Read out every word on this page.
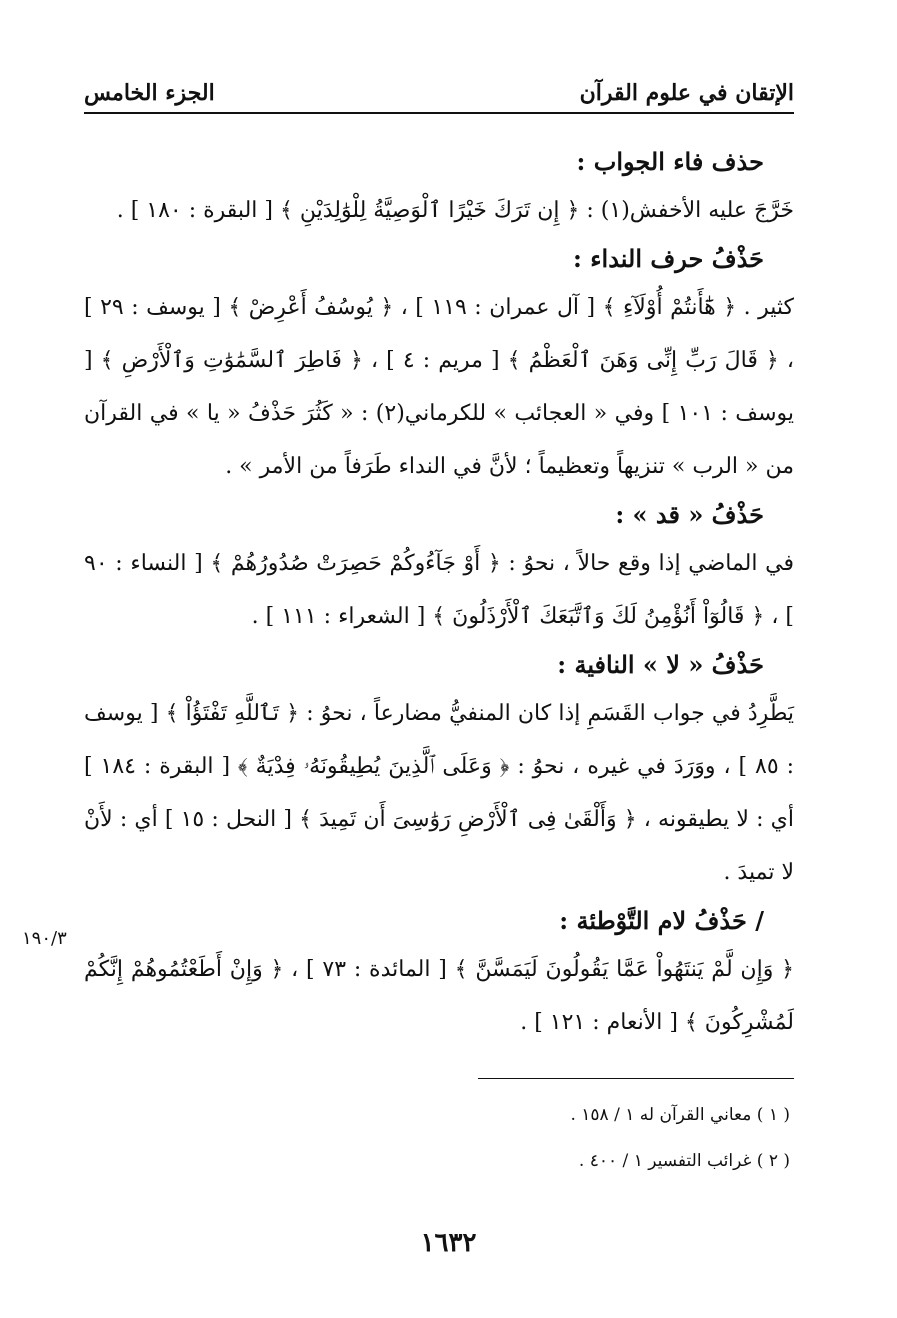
الإتقان في علوم القرآن
الجزء الخامس
حذف فاء الجواب :

خَرَّجَ عليه الأخفش(١) : ﴿ إِن تَرَكَ خَيْرًا ٱلْوَصِيَّةُ لِلْوَٰلِدَيْنِ ﴾ [ البقرة : ١٨٠ ] .

حَذْفُ حرف النداء :

كثير . ﴿ هَٰٓأَنتُمْ أُوْلَآءِ ﴾ [ آل عمران : ١١٩ ] ، ﴿ يُوسُفُ أَعْرِضْ ﴾ [ يوسف : ٢٩ ] ، ﴿ قَالَ رَبِّ إِنِّى وَهَنَ ٱلْعَظْمُ ﴾ [ مريم : ٤ ] ، ﴿ فَاطِرَ ٱلسَّمَٰوَٰتِ وَٱلْأَرْضِ ﴾ [ يوسف : ١٠١ ] وفي « العجائب » للكرماني(٢) : « كَثُرَ حَذْفُ « يا » في القرآن من « الرب » تنزيهاً وتعظيماً ؛ لأنَّ في النداء طَرَفاً من الأمر » .

حَذْفُ « قد » :

في الماضي إذا وقع حالاً ، نحوُ : ﴿ أَوْ جَآءُوكُمْ حَصِرَتْ صُدُورُهُمْ ﴾ [ النساء : ٩٠ ] ، ﴿ قَالُوٓاْ أَنُؤْمِنُ لَكَ وَٱتَّبَعَكَ ٱلْأَرْذَلُونَ ﴾ [ الشعراء : ١١١ ] .

حَذْفُ « لا » النافية :

يَطَّرِدُ في جواب القَسَمِ إذا كان المنفيُّ مضارعاً ، نحوُ : ﴿ تَٱللَّهِ تَفْتَؤُاْ ﴾ [ يوسف : ٨٥ ] ، ووَرَدَ في غيره ، نحوُ : ﴿ وَعَلَى ٱلَّذِينَ يُطِيقُونَهُۥ فِدْيَةٌ ﴾ [ البقرة : ١٨٤ ] أي : لا يطيقونه ، ﴿ وَأَلْقَىٰ فِى ٱلْأَرْضِ رَوَٰسِىَ أَن تَمِيدَ ﴾ [ النحل : ١٥ ] أي : لأَنْ لا تميدَ .

/ حَذْفُ لام التَّوْطئة :

﴿ وَإِن لَّمْ يَنتَهُواْ عَمَّا يَقُولُونَ لَيَمَسَّنَّ ﴾ [ المائدة : ٧٣ ] ، ﴿ وَإِنْ أَطَعْتُمُوهُمْ إِنَّكُمْ لَمُشْرِكُونَ ﴾ [ الأنعام : ١٢١ ] .

١٩٠/٣
( ١ ) معاني القرآن له ١ / ١٥٨ .
( ٢ ) غرائب التفسير ١ / ٤٠٠ .
١٦٣٢
